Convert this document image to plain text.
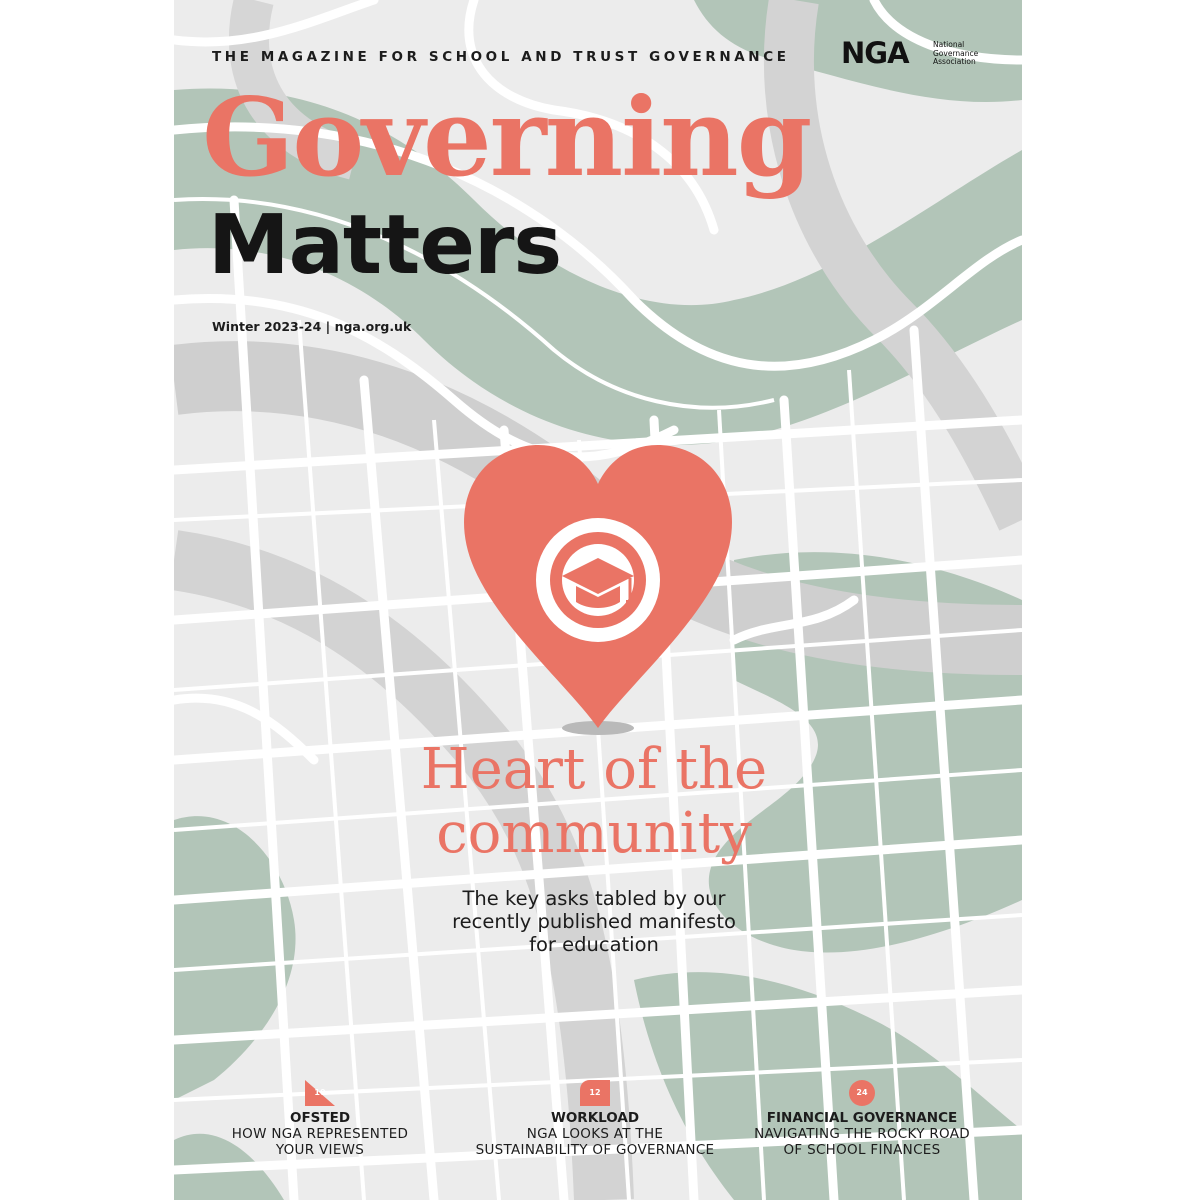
THE MAGAZINE FOR SCHOOL AND TRUST GOVERNANCE NGA	National
Governance
Association
Governing
Matters
Winter 2023-24 | nga.org.uk
Heart of the
community
The key asks tabled by our
recently published manifesto
for education
10
OFSTED
HOW NGA REPRESENTED
YOUR VIEWS
12
WORKLOAD
NGA LOOKS AT THE
SUSTAINABILITY OF GOVERNANCE
24
FINANCIAL GOVERNANCE
NAVIGATING THE ROCKY ROAD
OF SCHOOL FINANCES
